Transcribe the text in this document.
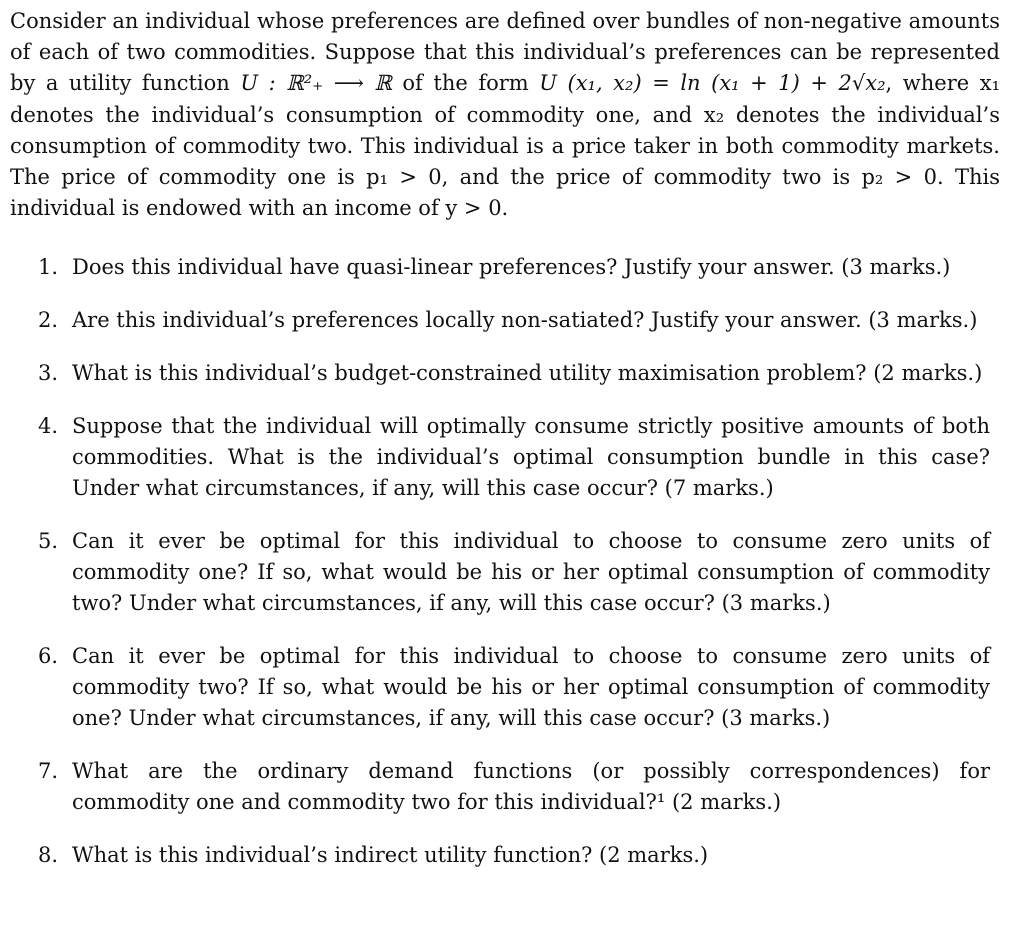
Consider an individual whose preferences are defined over bundles of non-negative amounts of each of two commodities. Suppose that this individual’s preferences can be represented by a utility function U : ℝ²₊ ⟶ ℝ of the form U (x₁, x₂) = ln (x₁ + 1) + 2√x₂, where x₁ denotes the individual’s consumption of commodity one, and x₂ denotes the individual’s consumption of commodity two. This individual is a price taker in both commodity markets. The price of commodity one is p₁ > 0, and the price of commodity two is p₂ > 0. This individual is endowed with an income of y > 0.

1. Does this individual have quasi-linear preferences? Justify your answer. (3 marks.)
2. Are this individual’s preferences locally non-satiated? Justify your answer. (3 marks.)
3. What is this individual’s budget-constrained utility maximisation problem? (2 marks.)
4. Suppose that the individual will optimally consume strictly positive amounts of both commodities. What is the individual’s optimal consumption bundle in this case? Under what circumstances, if any, will this case occur? (7 marks.)
5. Can it ever be optimal for this individual to choose to consume zero units of commodity one? If so, what would be his or her optimal consumption of commodity two? Under what circumstances, if any, will this case occur? (3 marks.)
6. Can it ever be optimal for this individual to choose to consume zero units of commodity two? If so, what would be his or her optimal consumption of commodity one? Under what circumstances, if any, will this case occur? (3 marks.)
7. What are the ordinary demand functions (or possibly correspondences) for commodity one and commodity two for this individual?¹ (2 marks.)
8. What is this individual’s indirect utility function? (2 marks.)
